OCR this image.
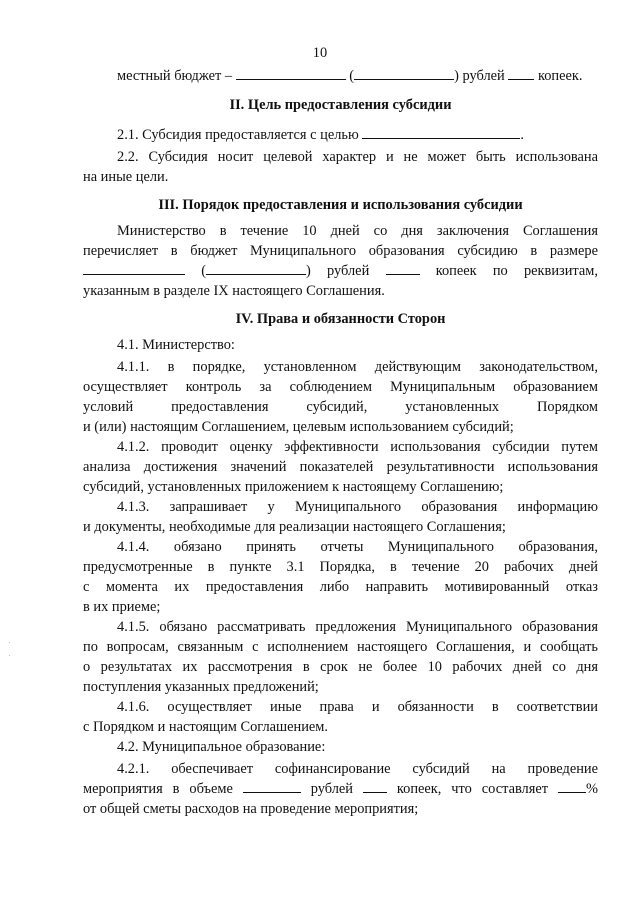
10
местный бюджет –	(	) рублей копеек.
II. Цель предоставления субсидии
2.1. Субсидия предоставляется с целью	.
2.2. Субсидия носит целевой характер и не может быть использована
на иные цели.
III. Порядок предоставления и использования субсидии
Министерство в течение 10 дней со дня заключения Соглашения
перечисляет в бюджет Муниципального образования субсидию в размере
(	) рублей	копеек по реквизитам,
указанным в разделе IX настоящего Соглашения.
IV. Права и обязанности Сторон
4.1. Министерство:
4.1.1. в порядке, установленном действующим законодательством,
осуществляет контроль за соблюдением Муниципальным образованием
условий предоставления субсидий, установленных Порядком
и (или) настоящим Соглашением, целевым использованием субсидий;
4.1.2. проводит оценку эффективности использования субсидии путем
анализа достижения значений показателей результативности использования
субсидий, установленных приложением к настоящему Соглашению;
4.1.3. запрашивает у Муниципального образования информацию
и документы, необходимые для реализации настоящего Соглашения;
4.1.4. обязано принять отчеты Муниципального образования,
предусмотренные в пункте 3.1 Порядка, в течение 20 рабочих дней
с момента их предоставления либо направить мотивированный отказ
в их приеме;
4.1.5. обязано рассматривать предложения Муниципального образования
по вопросам, связанным с исполнением настоящего Соглашения, и сообщать
о результатах их рассмотрения в срок не более 10 рабочих дней со дня
поступления указанных предложений;
4.1.6. осуществляет иные права и обязанности в соответствии
с Порядком и настоящим Соглашением.
4.2. Муниципальное образование:
4.2.1. обеспечивает софинансирование субсидий на проведение
мероприятия в объеме	рублей	копеек, что составляет	%
от общей сметы расходов на проведение мероприятия;
